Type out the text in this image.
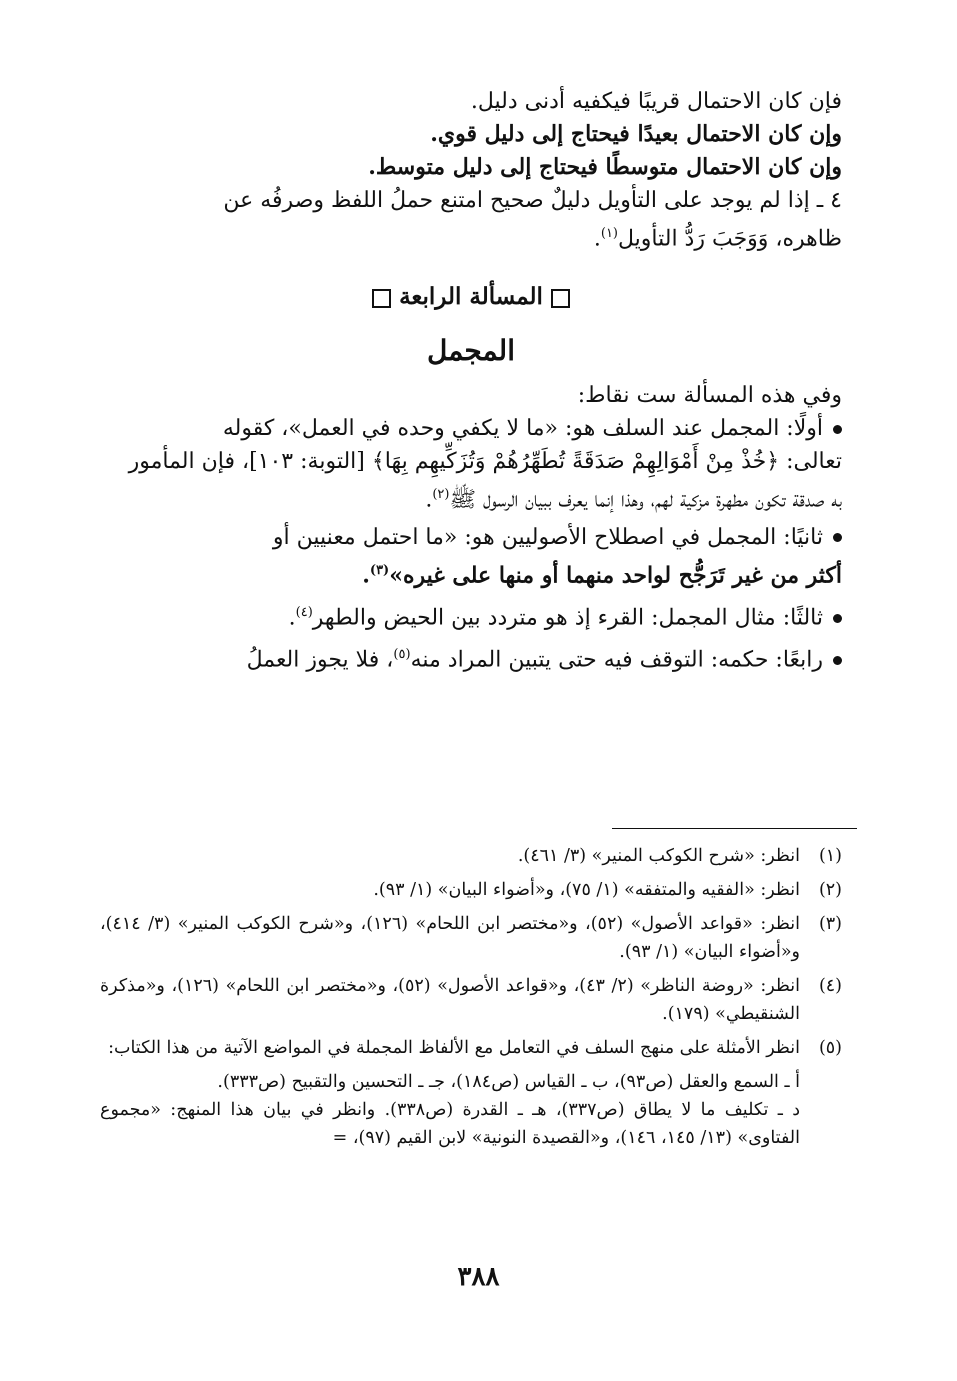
فإن كان الاحتمال قريبًا فيكفيه أدنى دليل.

وإن كان الاحتمال بعيدًا فيحتاج إلى دليل قوي.

وإن كان الاحتمال متوسطًا فيحتاج إلى دليل متوسط.

٤ ـ إذا لم يوجد على التأويل دليلٌ صحيح امتنع حملُ اللفظ وصرفُه عن

ظاهره، وَوَجَبَ رَدُّ التأويل$^{(١)}$.

المسألة الرابعة
المجمل

وفي هذه المسألة ست نقاط:

أولًا: المجمل عند السلف هو: «ما لا يكفي وحده في العمل»، كقوله

تعالى: ﴿خُذْ مِنْ أَمْوَالِهِمْ صَدَقَةً تُطَهِّرُهُمْ وَتُزَكِّيهِم بِهَا﴾ [التوبة: ١٠٣]، فإن المأمور

به صدقة تكون مطهرة مزكية لهم، وهذا إنما يعرف ببيان الرسول ﷺ$^{(٢)}$.

ثانيًا: المجمل في اصطلاح الأصوليين هو: «ما احتمل معنيين أو

أكثر من غير تَرَجُّح لواحد منهما أو منها على غيره»$^{(٣)}$.

ثالثًا: مثال المجمل: القرء إذ هو متردد بين الحيض والطهر$^{(٤)}$.

رابعًا: حكمه: التوقف فيه حتى يتبين المراد منه$^{(٥)}$، فلا يجوز العملُ

(١)
انظر: «شرح الكوكب المنير» (٣/ ٤٦١).
(٢)
انظر: «الفقيه والمتفقه» (١/ ٧٥)، و«أضواء البيان» (١/ ٩٣).
(٣)
انظر: «قواعد الأصول» (٥٢)، و«مختصر ابن اللحام» (١٢٦)، و«شرح الكوكب المنير» (٣/ ٤١٤)، و«أضواء البيان» (١/ ٩٣).
(٤)
انظر: «روضة الناظر» (٢/ ٤٣)، و«قواعد الأصول» (٥٢)، و«مختصر ابن اللحام» (١٢٦)، و«مذكرة الشنقيطي» (١٧٩).
(٥)
انظر الأمثلة على منهج السلف في التعامل مع الألفاظ المجملة في المواضع الآتية من هذا الكتاب:
أ ـ السمع والعقل (ص٩٣)، ب ـ القياس (ص١٨٤)، جـ ـ التحسين والتقبيح (ص٣٣٣).
د ـ تكليف ما لا يطاق (ص٣٣٧)، هـ ـ القدرة (ص٣٣٨). وانظر في بيان هذا المنهج: «مجموع الفتاوى» (١٣/ ١٤٥، ١٤٦)، و«القصيدة النونية» لابن القيم (٩٧)، =
٣٨٨
